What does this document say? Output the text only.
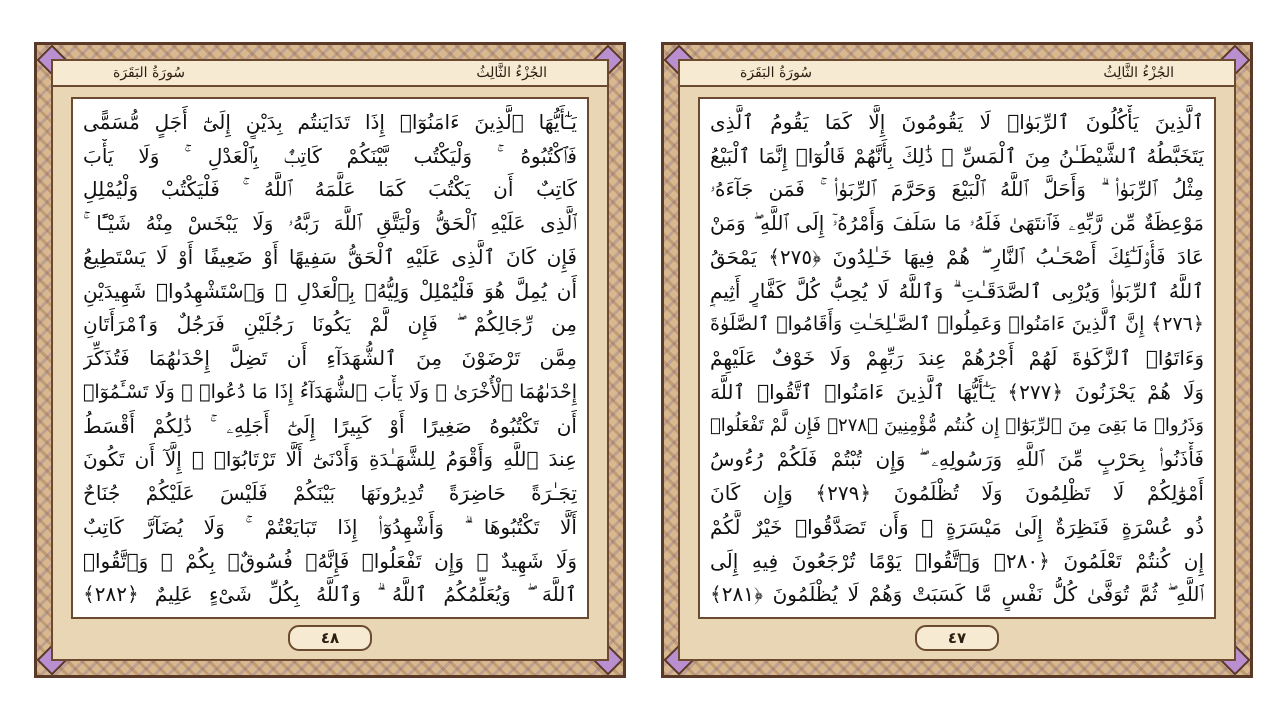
سُورَةُ البَقَرَة	الجُزْءُ الثَّالِثُ
يَـٰٓأَيُّهَا ٱلَّذِينَ ءَامَنُوٓا۟ إِذَا تَدَايَنتُم بِدَيْنٍ إِلَىٰٓ أَجَلٍ مُّسَمًّى
فَٱكْتُبُوهُ ۚ وَلْيَكْتُب بَّيْنَكُمْ كَاتِبٌۢ بِٱلْعَدْلِ ۚ وَلَا يَأْبَ
كَاتِبٌ أَن يَكْتُبَ كَمَا عَلَّمَهُ ٱللَّهُ ۚ فَلْيَكْتُبْ وَلْيُمْلِلِ
ٱلَّذِى عَلَيْهِ ٱلْحَقُّ وَلْيَتَّقِ ٱللَّهَ رَبَّهُۥ وَلَا يَبْخَسْ مِنْهُ شَيْـًٔا ۚ
فَإِن كَانَ ٱلَّذِى عَلَيْهِ ٱلْحَقُّ سَفِيهًا أَوْ ضَعِيفًا أَوْ لَا يَسْتَطِيعُ
أَن يُمِلَّ هُوَ فَلْيُمْلِلْ وَلِيُّهُۥ بِٱلْعَدْلِ ۚ وَٱسْتَشْهِدُوا۟ شَهِيدَيْنِ
مِن رِّجَالِكُمْ ۖ فَإِن لَّمْ يَكُونَا رَجُلَيْنِ فَرَجُلٌ وَٱمْرَأَتَانِ
مِمَّن تَرْضَوْنَ مِنَ ٱلشُّهَدَآءِ أَن تَضِلَّ إِحْدَىٰهُمَا فَتُذَكِّرَ
إِحْدَىٰهُمَا ٱلْأُخْرَىٰ ۚ وَلَا يَأْبَ ٱلشُّهَدَآءُ إِذَا مَا دُعُوا۟ ۚ وَلَا تَسْـَٔمُوٓا۟
أَن تَكْتُبُوهُ صَغِيرًا أَوْ كَبِيرًا إِلَىٰٓ أَجَلِهِۦ ۚ ذَٰلِكُمْ أَقْسَطُ
عِندَ ٱللَّهِ وَأَقْوَمُ لِلشَّهَـٰدَةِ وَأَدْنَىٰٓ أَلَّا تَرْتَابُوٓا۟ ۖ إِلَّآ أَن تَكُونَ
تِجَـٰرَةً حَاضِرَةً تُدِيرُونَهَا بَيْنَكُمْ فَلَيْسَ عَلَيْكُمْ جُنَاحٌ
أَلَّا تَكْتُبُوهَا ۗ وَأَشْهِدُوٓا۟ إِذَا تَبَايَعْتُمْ ۚ وَلَا يُضَآرَّ كَاتِبٌ
وَلَا شَهِيدٌ ۚ وَإِن تَفْعَلُوا۟ فَإِنَّهُۥ فُسُوقٌۢ بِكُمْ ۗ وَٱتَّقُوا۟
ٱللَّهَ ۖ وَيُعَلِّمُكُمُ ٱللَّهُ ۗ وَٱللَّهُ بِكُلِّ شَىْءٍ عَلِيمٌ ﴿٢٨٢﴾
٤٨
سُورَةُ البَقَرَة	الجُزْءُ الثَّالِثُ
ٱلَّذِينَ يَأْكُلُونَ ٱلرِّبَوٰا۟ لَا يَقُومُونَ إِلَّا كَمَا يَقُومُ ٱلَّذِى
يَتَخَبَّطُهُ ٱلشَّيْطَـٰنُ مِنَ ٱلْمَسِّ ۚ ذَٰلِكَ بِأَنَّهُمْ قَالُوٓا۟ إِنَّمَا ٱلْبَيْعُ
مِثْلُ ٱلرِّبَوٰا۟ ۗ وَأَحَلَّ ٱللَّهُ ٱلْبَيْعَ وَحَرَّمَ ٱلرِّبَوٰا۟ ۚ فَمَن جَآءَهُۥ
مَوْعِظَةٌ مِّن رَّبِّهِۦ فَٱنتَهَىٰ فَلَهُۥ مَا سَلَفَ وَأَمْرُهُۥٓ إِلَى ٱللَّهِ ۖ وَمَنْ
عَادَ فَأُو۟لَـٰٓئِكَ أَصْحَـٰبُ ٱلنَّارِ ۖ هُمْ فِيهَا خَـٰلِدُونَ ﴿٢٧٥﴾ يَمْحَقُ
ٱللَّهُ ٱلرِّبَوٰا۟ وَيُرْبِى ٱلصَّدَقَـٰتِ ۗ وَٱللَّهُ لَا يُحِبُّ كُلَّ كَفَّارٍ أَثِيمٍ
﴿٢٧٦﴾ إِنَّ ٱلَّذِينَ ءَامَنُوا۟ وَعَمِلُوا۟ ٱلصَّـٰلِحَـٰتِ وَأَقَامُوا۟ ٱلصَّلَوٰةَ
وَءَاتَوُا۟ ٱلزَّكَوٰةَ لَهُمْ أَجْرُهُمْ عِندَ رَبِّهِمْ وَلَا خَوْفٌ عَلَيْهِمْ
وَلَا هُمْ يَحْزَنُونَ ﴿٢٧٧﴾ يَـٰٓأَيُّهَا ٱلَّذِينَ ءَامَنُوا۟ ٱتَّقُوا۟ ٱللَّهَ
وَذَرُوا۟ مَا بَقِىَ مِنَ ٱلرِّبَوٰٓا۟ إِن كُنتُم مُّؤْمِنِينَ ﴿٢٧٨﴾ فَإِن لَّمْ تَفْعَلُوا۟
فَأْذَنُوا۟ بِحَرْبٍ مِّنَ ٱللَّهِ وَرَسُولِهِۦ ۖ وَإِن تُبْتُمْ فَلَكُمْ رُءُوسُ
أَمْوَٰلِكُمْ لَا تَظْلِمُونَ وَلَا تُظْلَمُونَ ﴿٢٧٩﴾ وَإِن كَانَ
ذُو عُسْرَةٍ فَنَظِرَةٌ إِلَىٰ مَيْسَرَةٍ ۚ وَأَن تَصَدَّقُوا۟ خَيْرٌ لَّكُمْ
إِن كُنتُمْ تَعْلَمُونَ ﴿٢٨٠﴾ وَٱتَّقُوا۟ يَوْمًا تُرْجَعُونَ فِيهِ إِلَى
ٱللَّهِ ۖ ثُمَّ تُوَفَّىٰ كُلُّ نَفْسٍ مَّا كَسَبَتْ وَهُمْ لَا يُظْلَمُونَ ﴿٢٨١﴾
٤٧
